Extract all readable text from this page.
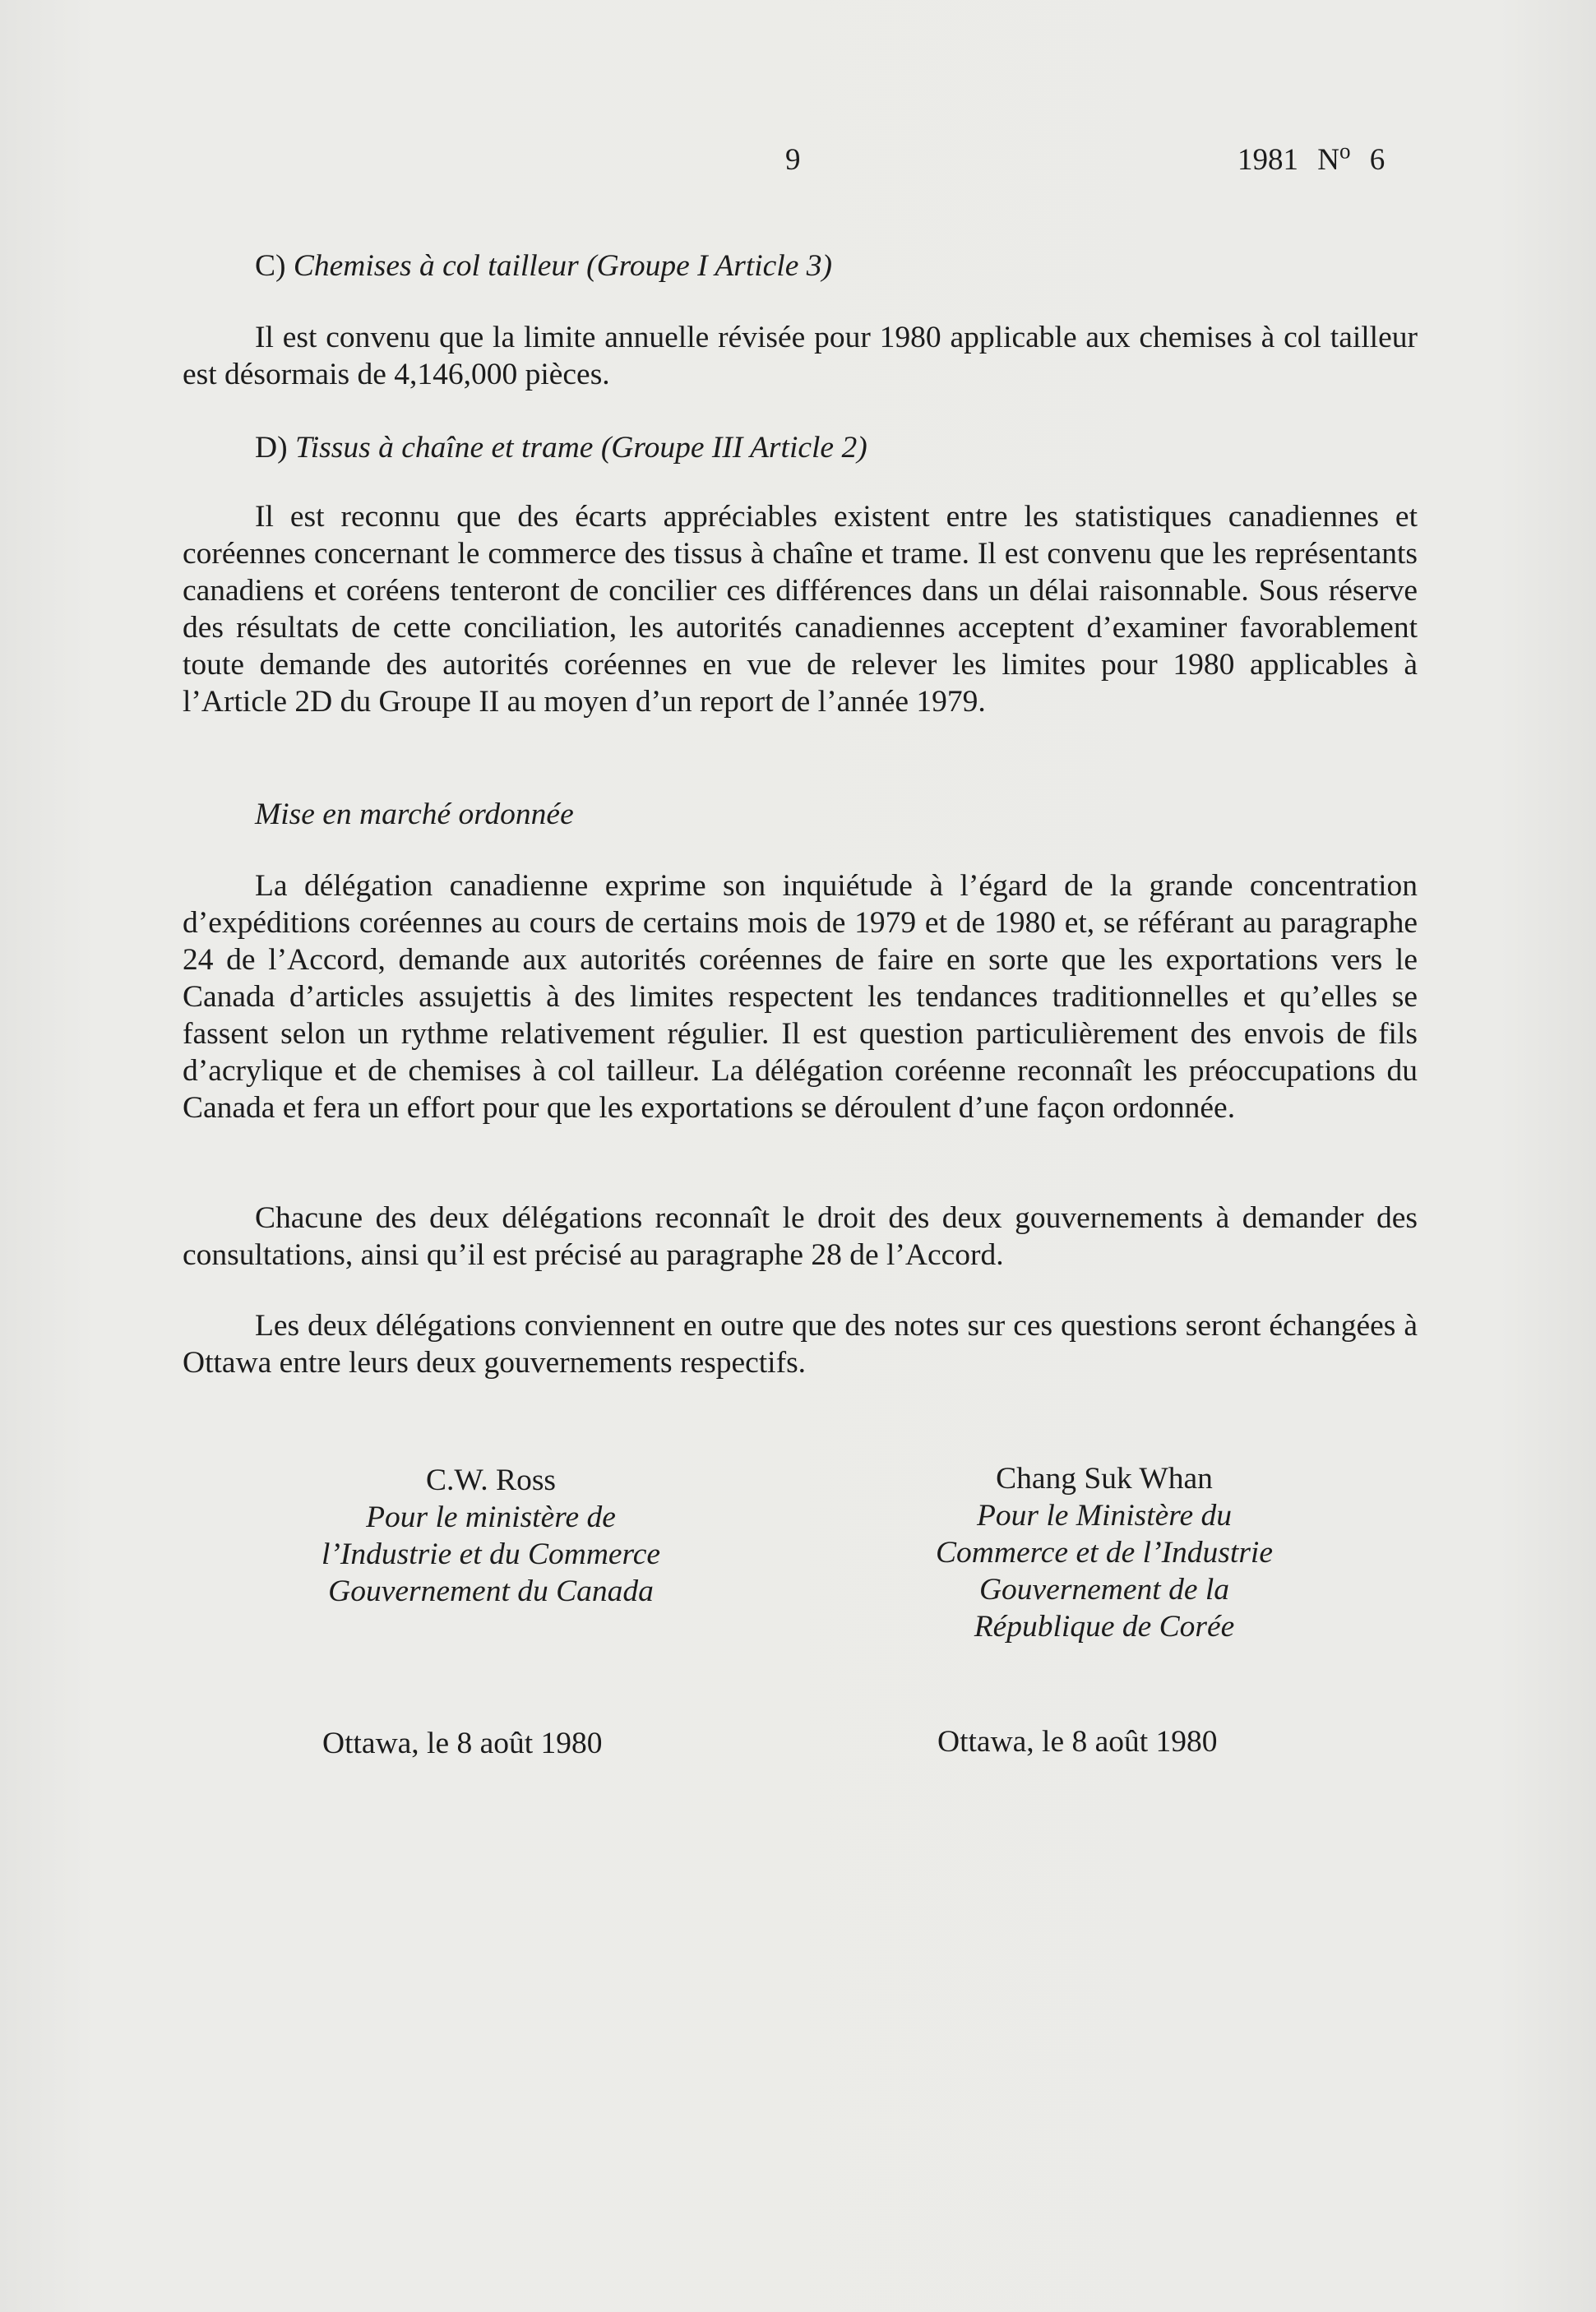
9	1981 $N^o$ 6

C) Chemises à col tailleur (Groupe I Article 3)

Il est convenu que la limite annuelle révisée pour 1980 applicable aux chemises à col tailleur est désormais de 4,146,000 pièces.

D) Tissus à chaîne et trame (Groupe III Article 2)

Il est reconnu que des écarts appréciables existent entre les statistiques canadiennes et coréennes concernant le commerce des tissus à chaîne et trame. Il est convenu que les représentants canadiens et coréens tenteront de concilier ces différences dans un délai raisonnable. Sous réserve des résultats de cette conciliation, les autorités canadiennes acceptent d’examiner favorablement toute demande des autorités coréennes en vue de relever les limites pour 1980 applicables à l’Article 2D du Groupe II au moyen d’un report de l’année 1979.

Mise en marché ordonnée

La délégation canadienne exprime son inquiétude à l’égard de la grande concentration d’expéditions coréennes au cours de certains mois de 1979 et de 1980 et, se référant au paragraphe 24 de l’Accord, demande aux autorités coréennes de faire en sorte que les exportations vers le Canada d’articles assujettis à des limites respectent les tendances traditionnelles et qu’elles se fassent selon un rythme relativement régulier. Il est question particulièrement des envois de fils d’acrylique et de chemises à col tailleur. La délégation coréenne reconnaît les préoccupations du Canada et fera un effort pour que les exportations se déroulent d’une façon ordonnée.

Chacune des deux délégations reconnaît le droit des deux gouvernements à demander des consultations, ainsi qu’il est précisé au paragraphe 28 de l’Accord.

Les deux délégations conviennent en outre que des notes sur ces questions seront échangées à Ottawa entre leurs deux gouvernements respectifs.

C.W. Ross
Pour le ministère de
l’Industrie et du Commerce
Gouvernement du Canada
Chang Suk Whan
Pour le Ministère du
Commerce et de l’Industrie
Gouvernement de la
République de Corée
Ottawa, le 8 août 1980	Ottawa, le 8 août 1980
